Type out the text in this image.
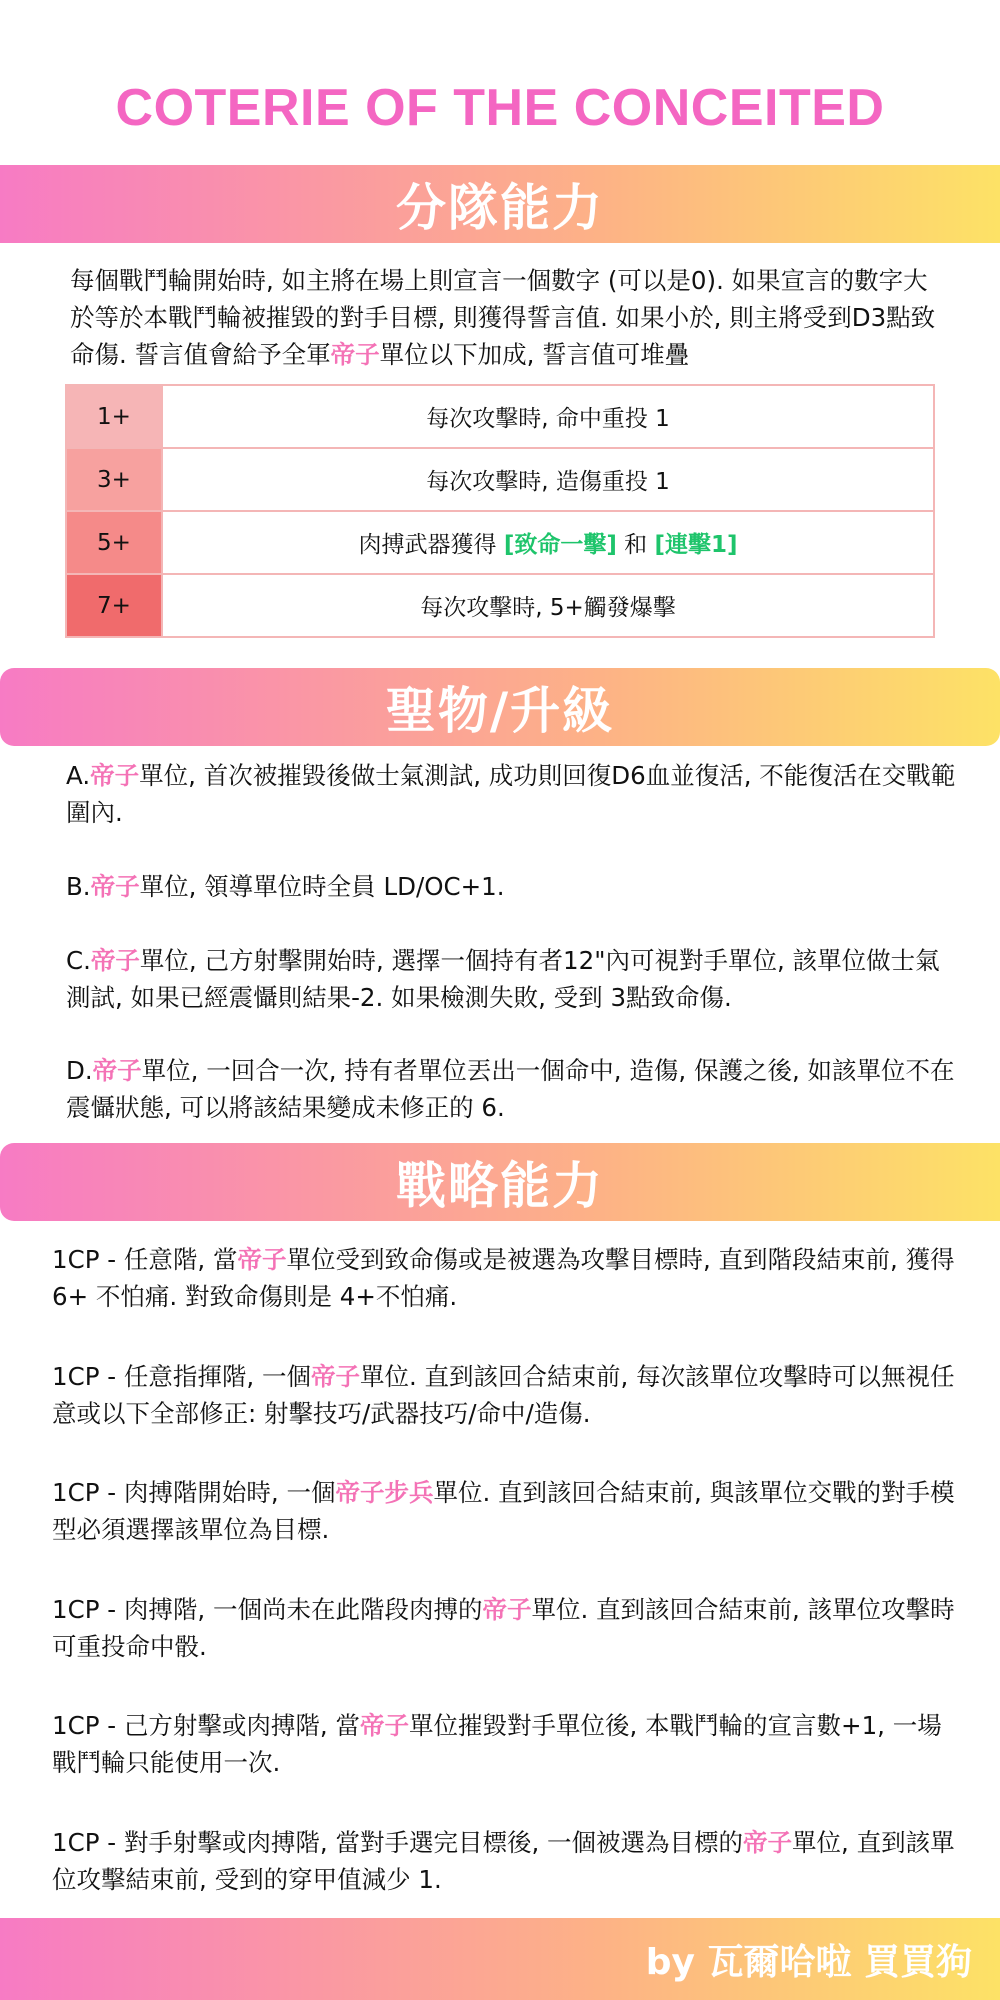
COTERIE OF THE CONCEITED
分隊能力
每個戰鬥輪開始時, 如主將在場上則宣言一個數字 (可以是0). 如果宣言的數字大於等於本戰鬥輪被摧毀的對手目標, 則獲得誓言值. 如果小於, 則主將受到D3點致命傷. 誓言值會給予全軍帝子單位以下加成, 誓言值可堆疊
1+	每次攻擊時, 命中重投 1
3+	每次攻擊時, 造傷重投 1
5+	肉搏武器獲得 [致命一擊] 和 [連擊1]
7+	每次攻擊時, 5+觸發爆擊
聖物/升級
A.帝子單位, 首次被摧毀後做士氣測試, 成功則回復D6血並復活, 不能復活在交戰範圍內.
B.帝子單位, 領導單位時全員 LD/OC+1.
C.帝子單位, 己方射擊開始時, 選擇一個持有者12"內可視對手單位, 該單位做士氣測試, 如果已經震懾則結果-2. 如果檢測失敗, 受到 3點致命傷.
D.帝子單位, 一回合一次, 持有者單位丟出一個命中, 造傷, 保護之後, 如該單位不在震懾狀態, 可以將該結果變成未修正的 6.
戰略能力
1CP - 任意階, 當帝子單位受到致命傷或是被選為攻擊目標時, 直到階段結束前, 獲得 6+ 不怕痛. 對致命傷則是 4+不怕痛.
1CP - 任意指揮階, 一個帝子單位. 直到該回合結束前, 每次該單位攻擊時可以無視任意或以下全部修正: 射擊技巧/武器技巧/命中/造傷.
1CP - 肉搏階開始時, 一個帝子步兵單位. 直到該回合結束前, 與該單位交戰的對手模型必須選擇該單位為目標.
1CP - 肉搏階, 一個尚未在此階段肉搏的帝子單位. 直到該回合結束前, 該單位攻擊時可重投命中骰.
1CP - 己方射擊或肉搏階, 當帝子單位摧毀對手單位後, 本戰鬥輪的宣言數+1, 一場戰鬥輪只能使用一次.
1CP - 對手射擊或肉搏階, 當對手選完目標後, 一個被選為目標的帝子單位, 直到該單位攻擊結束前, 受到的穿甲值減少 1.
by 瓦爾哈啦 買買狗
